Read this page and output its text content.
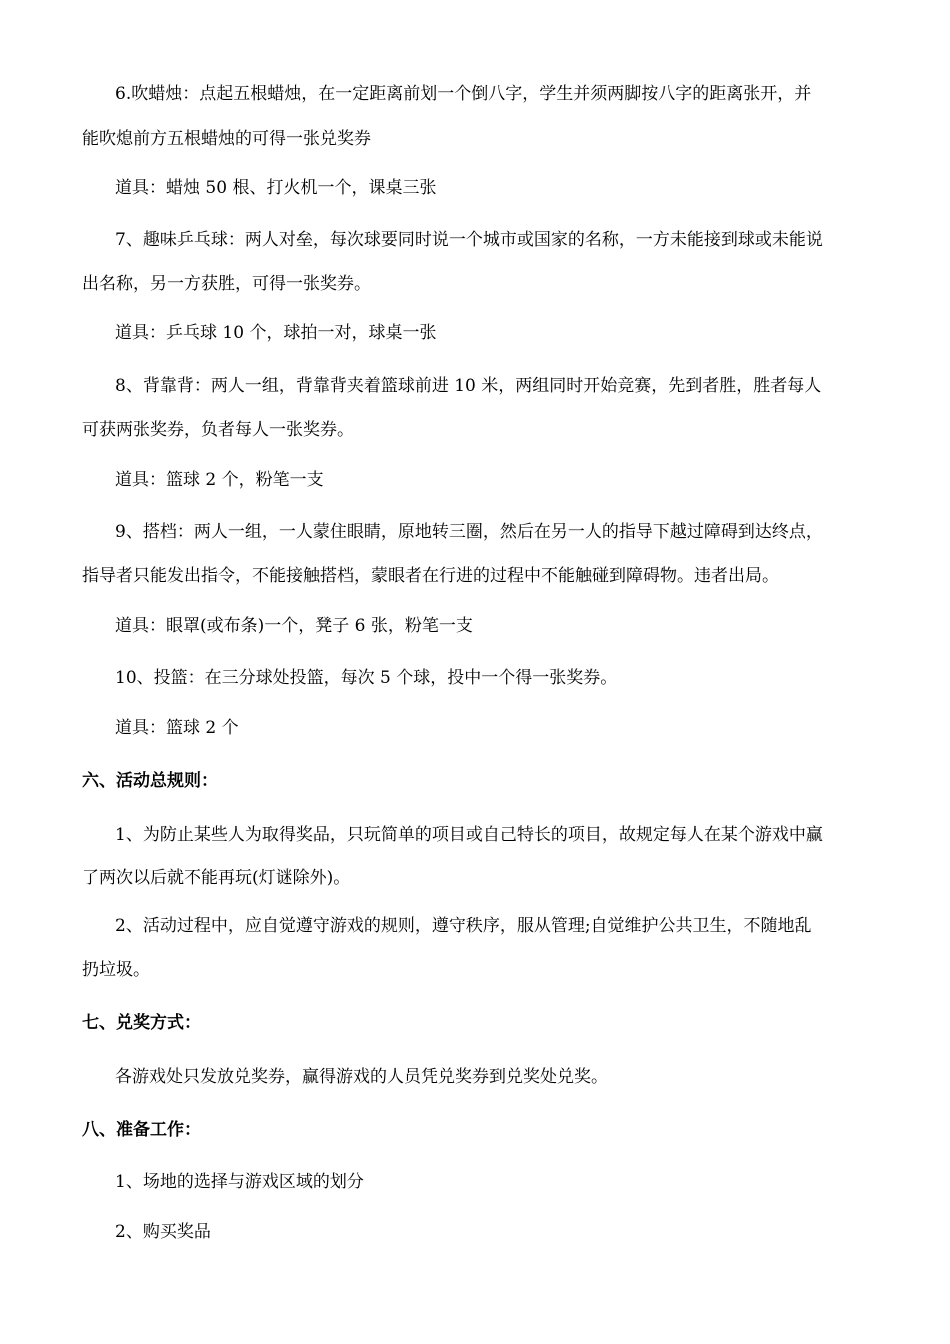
6.吹蜡烛：点起五根蜡烛，在一定距离前划一个倒八字，学生并须两脚按八字的距离张开，并
能吹熄前方五根蜡烛的可得一张兑奖券
道具：蜡烛 50 根、打火机一个，课桌三张
7、趣味乒乓球：两人对垒，每次球要同时说一个城市或国家的名称，一方未能接到球或未能说
出名称，另一方获胜，可得一张奖券。
道具：乒乓球 10 个，球拍一对，球桌一张
8、背靠背：两人一组，背靠背夹着篮球前进 10 米，两组同时开始竞赛，先到者胜，胜者每人
可获两张奖券，负者每人一张奖券。
道具：篮球 2 个，粉笔一支
9、搭档：两人一组，一人蒙住眼睛，原地转三圈，然后在另一人的指导下越过障碍到达终点，
指导者只能发出指令，不能接触搭档，蒙眼者在行进的过程中不能触碰到障碍物。违者出局。
道具：眼罩(或布条)一个，凳子 6 张，粉笔一支
10、投篮：在三分球处投篮，每次 5 个球，投中一个得一张奖券。
道具：篮球 2 个
六、活动总规则：
1、为防止某些人为取得奖品，只玩简单的项目或自己特长的项目，故规定每人在某个游戏中赢
了两次以后就不能再玩(灯谜除外)。
2、活动过程中，应自觉遵守游戏的规则，遵守秩序，服从管理;自觉维护公共卫生，不随地乱
扔垃圾。
七、兑奖方式：
各游戏处只发放兑奖券，赢得游戏的人员凭兑奖券到兑奖处兑奖。
八、准备工作：
1、场地的选择与游戏区域的划分
2、购买奖品
